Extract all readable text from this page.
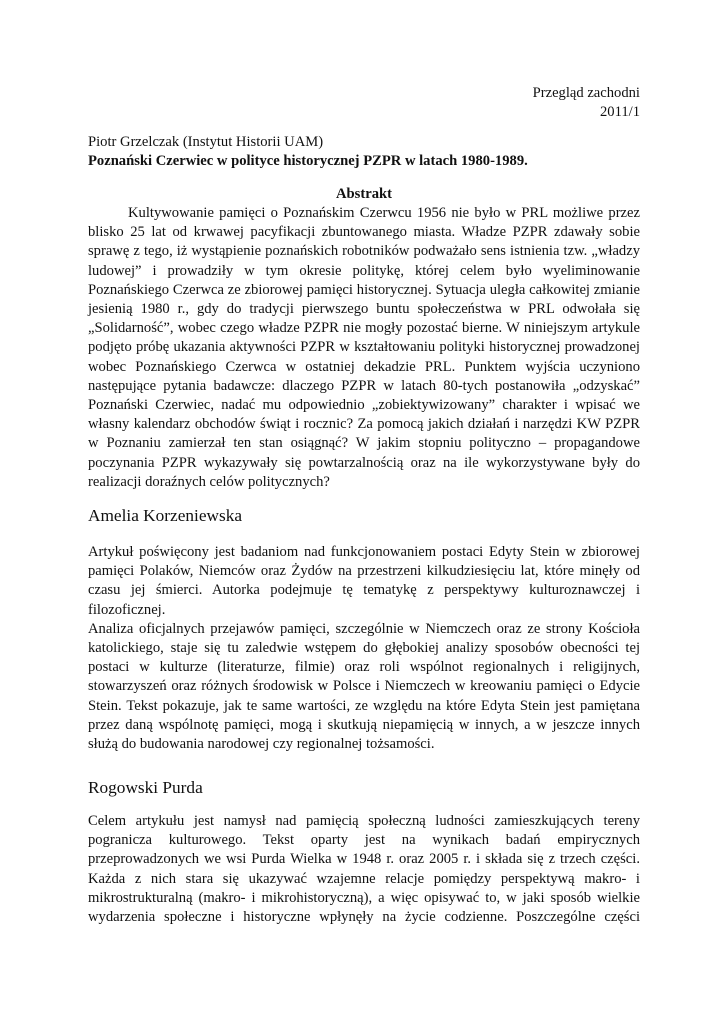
Przegląd zachodni
2011/1
Piotr Grzelczak (Instytut Historii UAM)
Poznański Czerwiec w polityce historycznej PZPR w latach 1980-1989.
Abstrakt
Kultywowanie pamięci o Poznańskim Czerwcu 1956 nie było w PRL możliwe przez
blisko 25 lat od krwawej pacyfikacji zbuntowanego miasta. Władze PZPR zdawały sobie
sprawę z tego, iż wystąpienie poznańskich robotników podważało sens istnienia tzw. „władzy
ludowej” i prowadziły w tym okresie politykę, której celem było wyeliminowanie
Poznańskiego Czerwca ze zbiorowej pamięci historycznej. Sytuacja uległa całkowitej zmianie
jesienią 1980 r., gdy do tradycji pierwszego buntu społeczeństwa w PRL odwołała się
„Solidarność”, wobec czego władze PZPR nie mogły pozostać bierne. W niniejszym artykule
podjęto próbę ukazania aktywności PZPR w kształtowaniu polityki historycznej prowadzonej
wobec Poznańskiego Czerwca w ostatniej dekadzie PRL. Punktem wyjścia uczyniono
następujące pytania badawcze: dlaczego PZPR w latach 80-tych postanowiła „odzyskać”
Poznański Czerwiec, nadać mu odpowiednio „zobiektywizowany” charakter i wpisać we
własny kalendarz obchodów świąt i rocznic? Za pomocą jakich działań i narzędzi KW PZPR
w Poznaniu zamierzał ten stan osiągnąć? W jakim stopniu polityczno – propagandowe
poczynania PZPR wykazywały się powtarzalnością oraz na ile wykorzystywane były do
realizacji doraźnych celów politycznych?
Amelia Korzeniewska
Artykuł poświęcony jest badaniom nad funkcjonowaniem postaci Edyty Stein w zbiorowej
pamięci Polaków, Niemców oraz Żydów na przestrzeni kilkudziesięciu lat, które minęły od
czasu jej śmierci. Autorka podejmuje tę tematykę z perspektywy kulturoznawczej i
filozoficznej.
Analiza oficjalnych przejawów pamięci, szczególnie w Niemczech oraz ze strony Kościoła
katolickiego, staje się tu zaledwie wstępem do głębokiej analizy sposobów obecności tej
postaci w kulturze (literaturze, filmie) oraz roli wspólnot regionalnych i religijnych,
stowarzyszeń oraz różnych środowisk w Polsce i Niemczech w kreowaniu pamięci o Edycie
Stein. Tekst pokazuje, jak te same wartości, ze względu na które Edyta Stein jest pamiętana
przez daną wspólnotę pamięci, mogą i skutkują niepamięcią w innych, a w jeszcze innych
służą do budowania narodowej czy regionalnej tożsamości.
Rogowski Purda
Celem artykułu jest namysł nad pamięcią społeczną ludności zamieszkujących tereny
pogranicza kulturowego. Tekst oparty jest na wynikach badań empirycznych
przeprowadzonych we wsi Purda Wielka w 1948 r. oraz 2005 r. i składa się z trzech części.
Każda z nich stara się ukazywać wzajemne relacje pomiędzy perspektywą makro- i
mikrostrukturalną (makro- i mikrohistoryczną), a więc opisywać to, w jaki sposób wielkie
wydarzenia społeczne i historyczne wpłynęły na życie codzienne. Poszczególne części
